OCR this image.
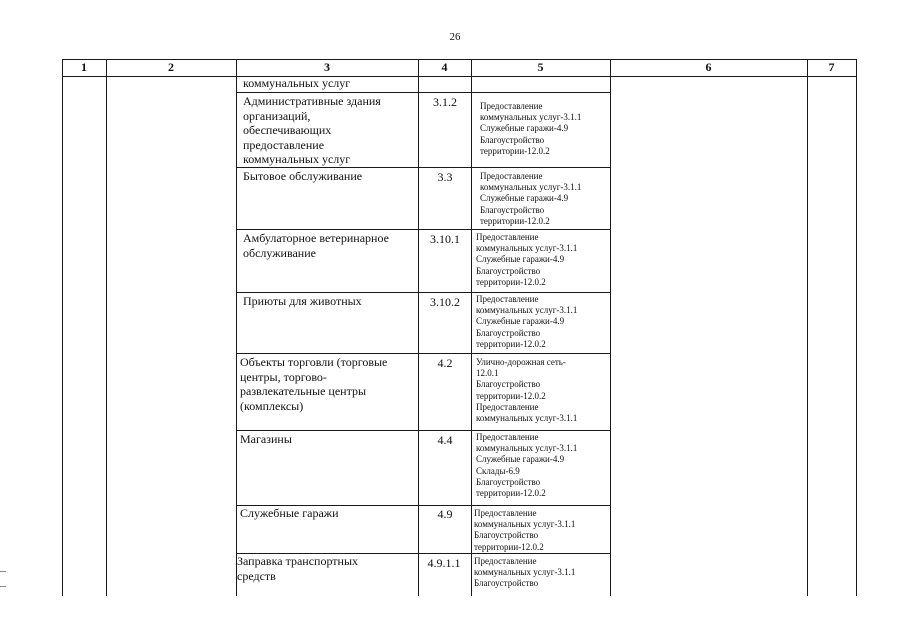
26
1	2	3	4	5	6	7
коммунальных услуг
Административные здания
организаций,
обеспечивающих
предоставление
коммунальных услуг
3.1.2	Предоставление
коммунальных услуг-3.1.1
Служебные гаражи-4.9
Благоустройство
территории-12.0.2
Бытовое обслуживание	3.3	Предоставление
коммунальных услуг-3.1.1
Служебные гаражи-4.9
Благоустройство
территории-12.0.2
Амбулаторное ветеринарное
обслуживание
3.10.1	Предоставление
коммунальных услуг-3.1.1
Служебные гаражи-4.9
Благоустройство
территории-12.0.2
Приюты для животных	3.10.2	Предоставление
коммунальных услуг-3.1.1
Служебные гаражи-4.9
Благоустройство
территории-12.0.2
Объекты торговли (торговые
центры, торгово-
развлекательные центры
(комплексы)
4.2	Улично-дорожная сеть-
12.0.1
Благоустройство
территории-12.0.2
Предоставление
коммунальных услуг-3.1.1
Магазины	4.4	Предоставление
коммунальных услуг-3.1.1
Служебные гаражи-4.9
Склады-6.9
Благоустройство
территории-12.0.2
Служебные гаражи	4.9	Предоставление
коммунальных услуг-3.1.1
Благоустройство
территории-12.0.2
Заправка транспортных
средств
4.9.1.1	Предоставление
коммунальных услуг-3.1.1
Благоустройство
